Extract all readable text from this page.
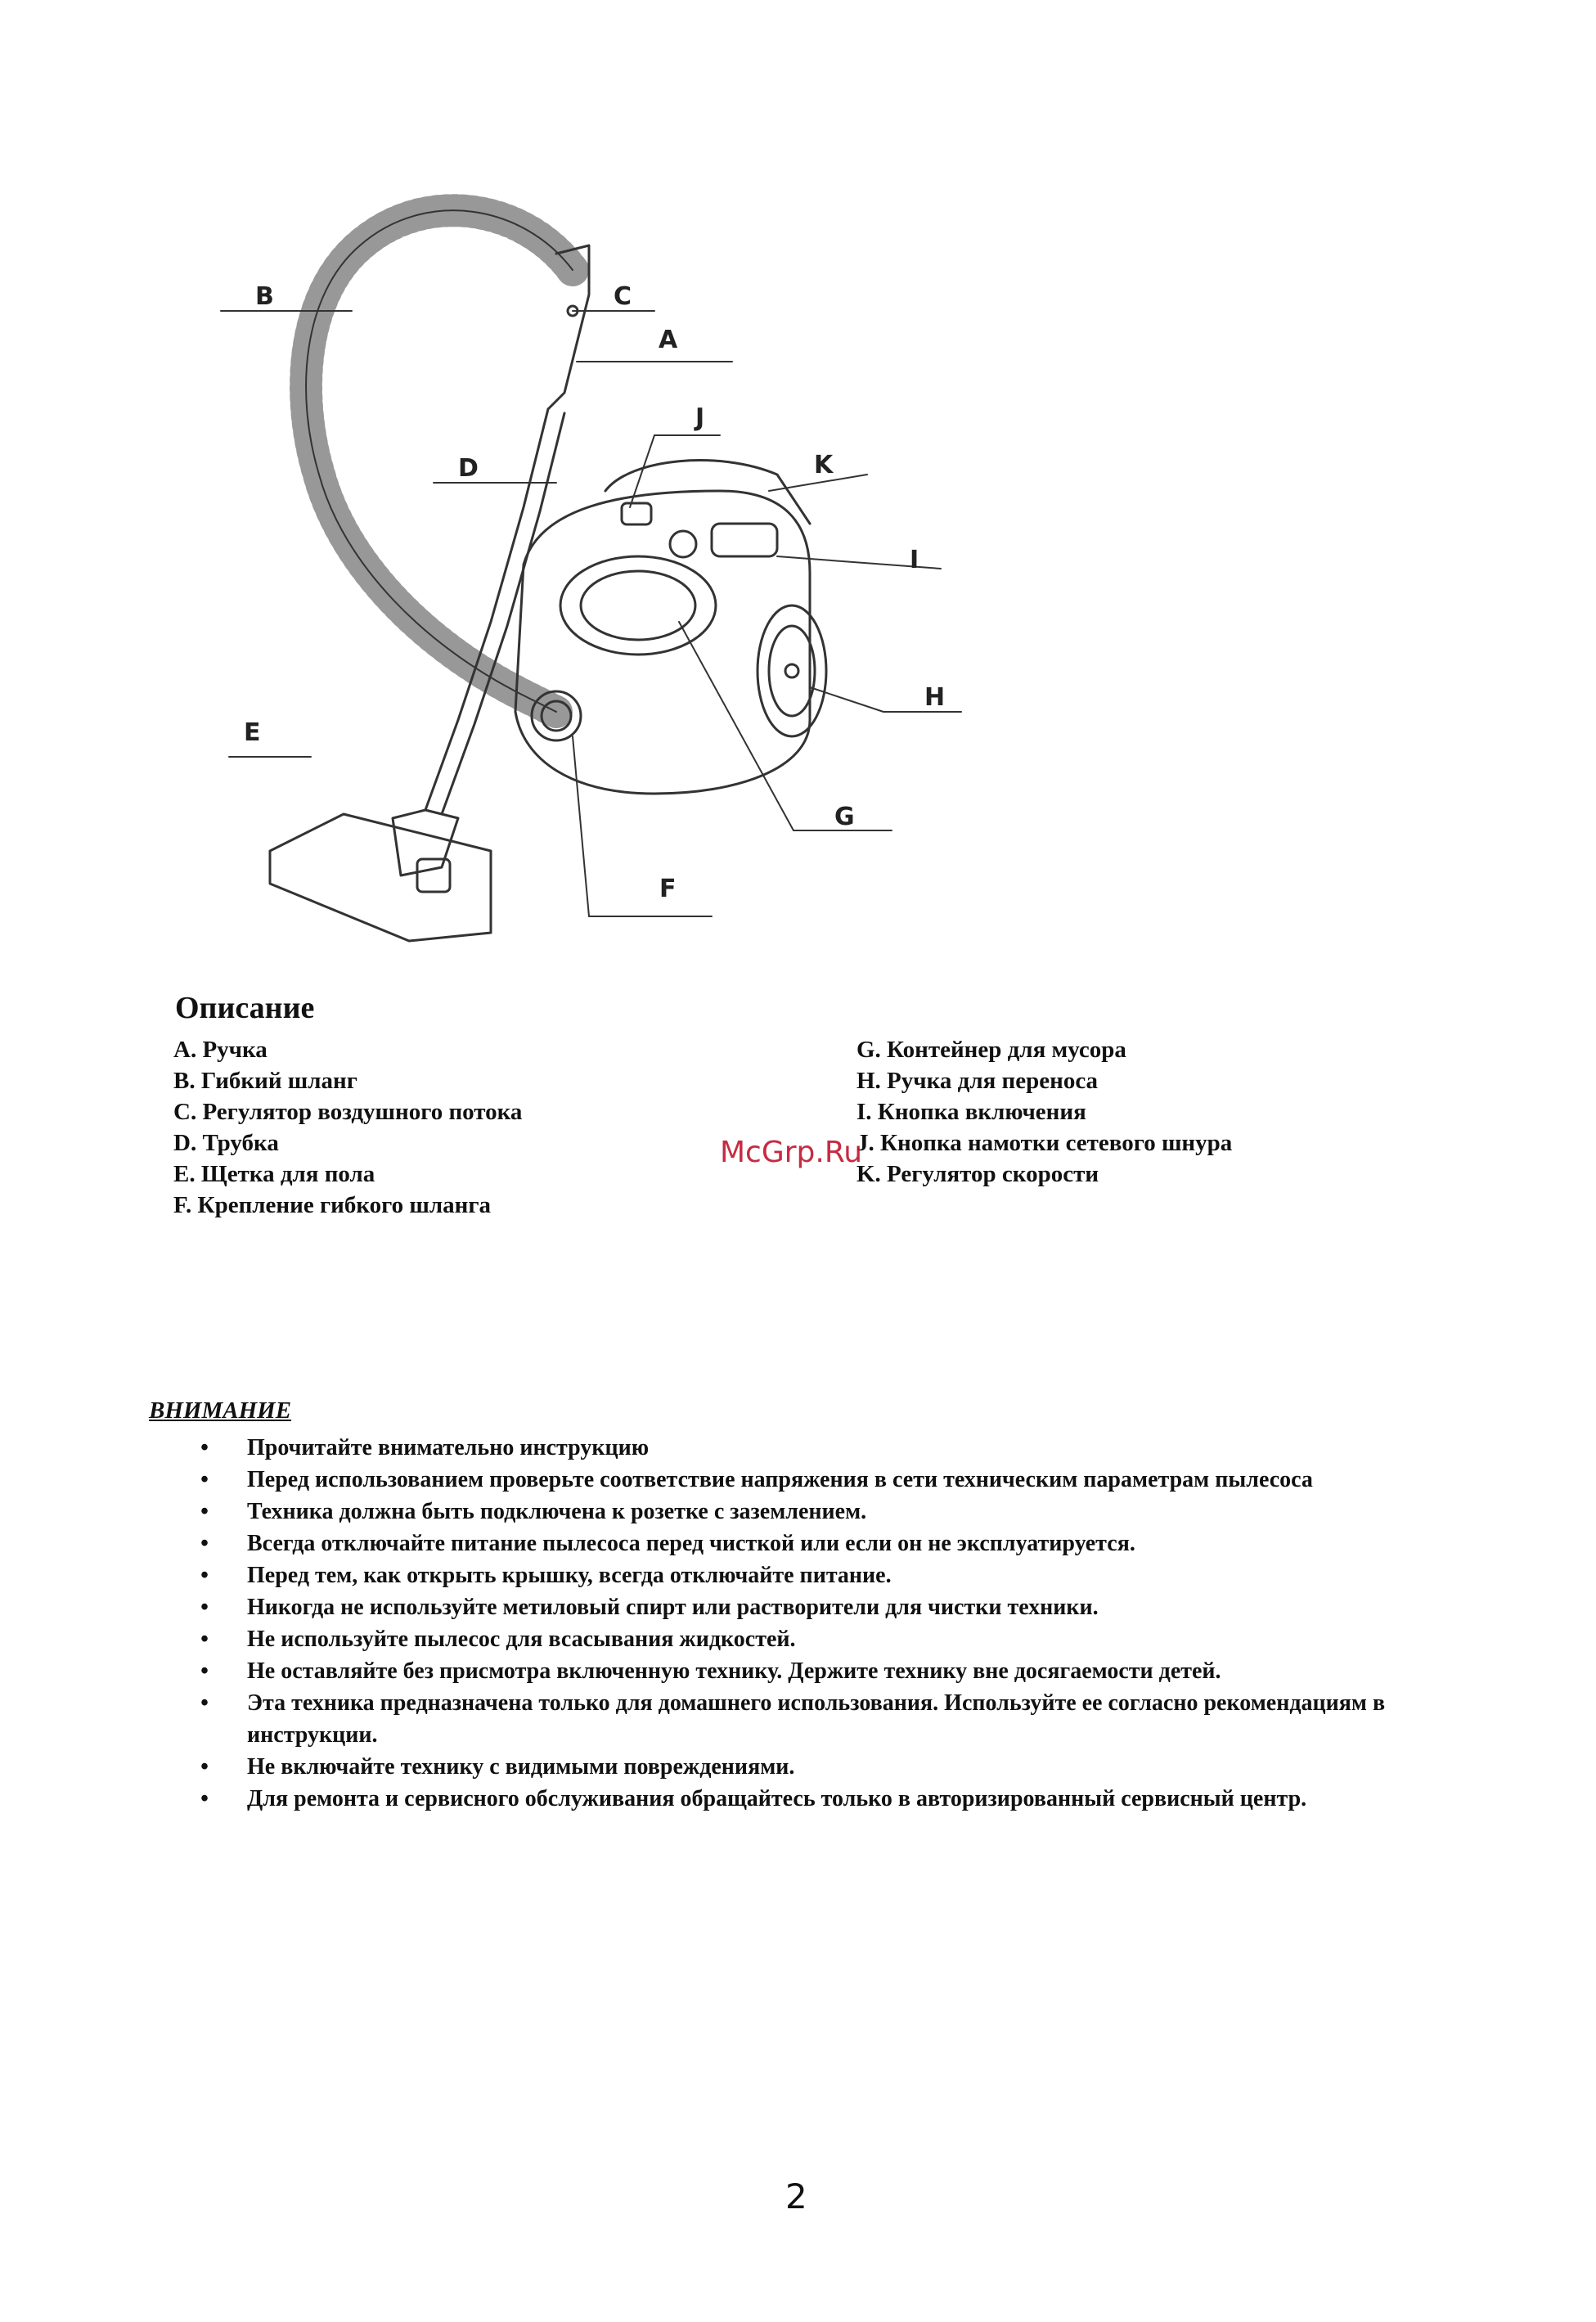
B	C
A
J
D	K
I
H
E
G
F
Описание
A. Ручка
B. Гибкий шланг
C. Регулятор воздушного потока
D. Трубка
E. Щетка для пола
F. Крепление гибкого шланга
G. Контейнер для мусора
H. Ручка для переноса
I. Кнопка включения
J. Кнопка намотки сетевого шнура
K. Регулятор скорости
McGrp.Ru
ВНИМАНИЕ
• Прочитайте внимательно инструкцию
• Перед использованием проверьте соответствие напряжения в сети техническим параметрам пылесоса
• Техника должна быть подключена к розетке с заземлением.
• Всегда отключайте питание пылесоса перед чисткой или если он не эксплуатируется.
• Перед тем, как открыть крышку, всегда отключайте питание.
• Никогда не используйте метиловый спирт или растворители для чистки техники.
• Не используйте пылесос для всасывания жидкостей.
• Не оставляйте без присмотра включенную технику. Держите технику вне досягаемости детей.
• Эта техника предназначена только для домашнего использования. Используйте ее согласно рекомендациям в инструкции.
• Не включайте технику с видимыми повреждениями.
• Для ремонта и сервисного обслуживания обращайтесь только в авторизированный сервисный центр.
2
